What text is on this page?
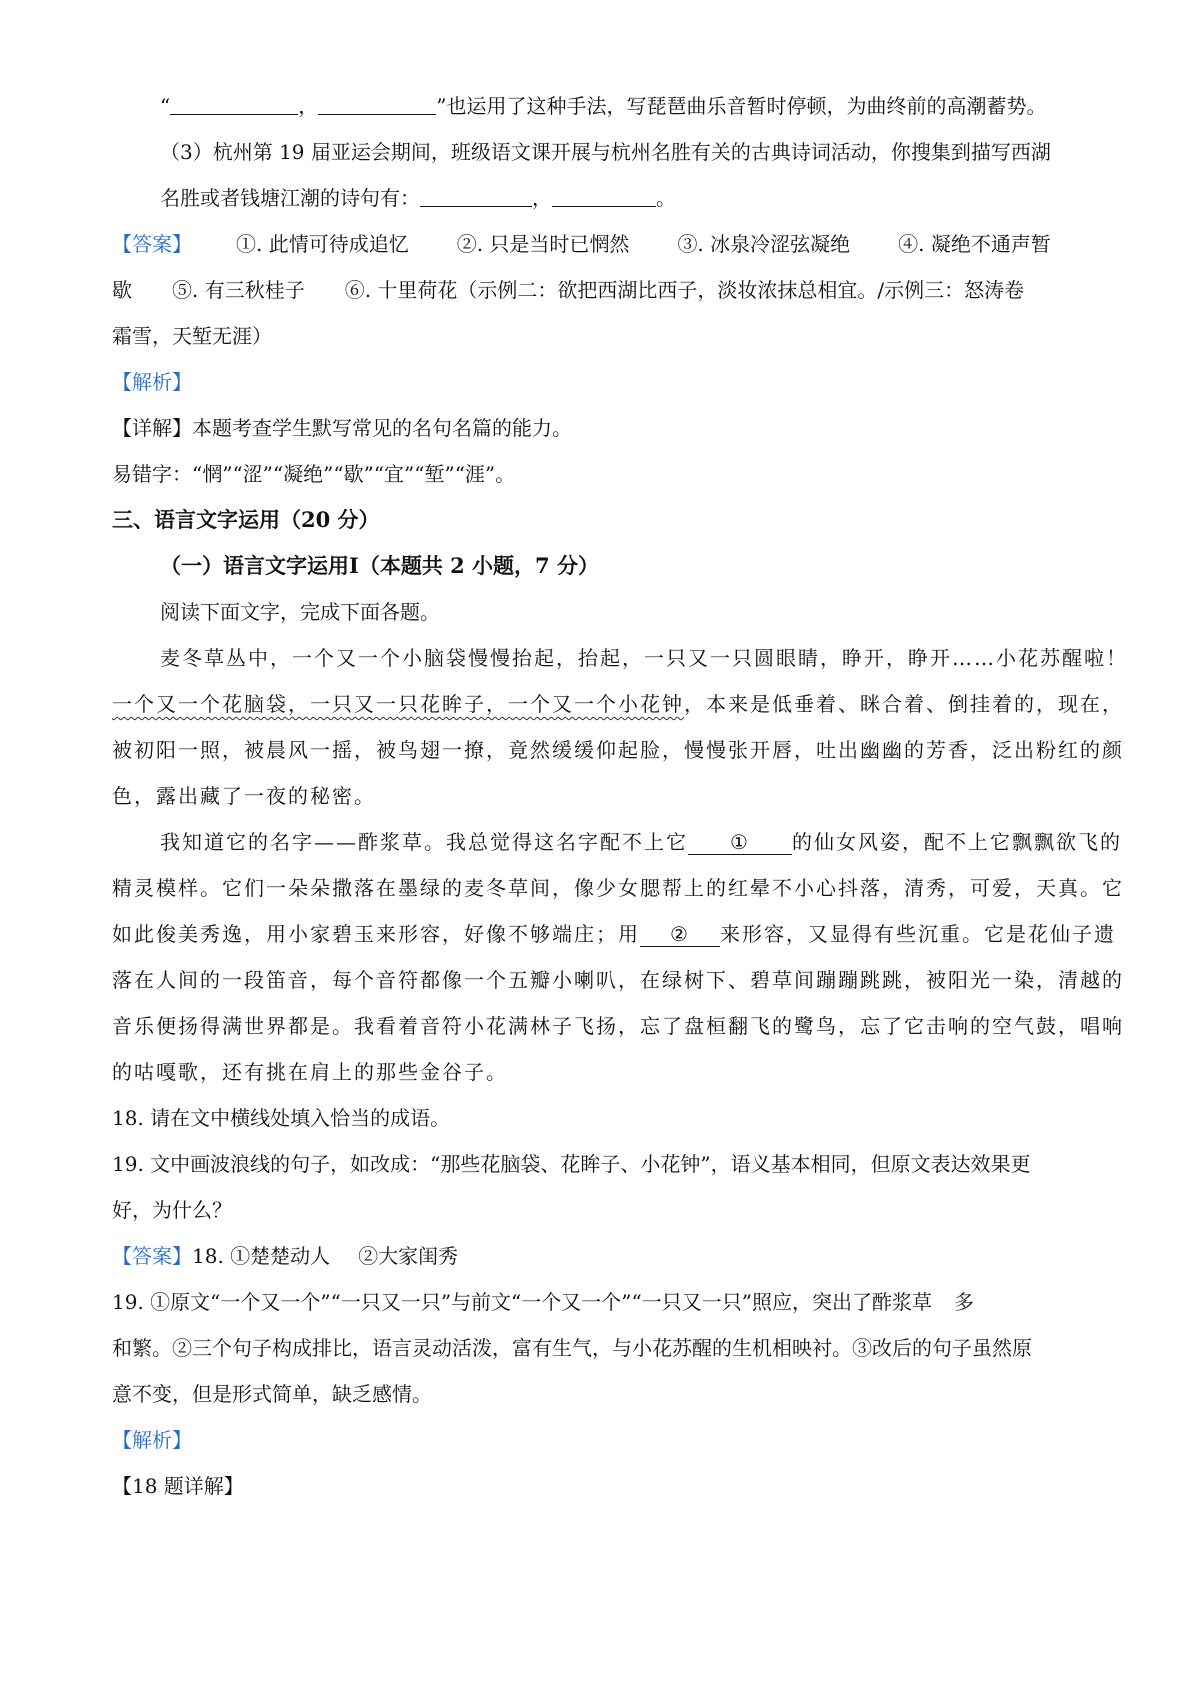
“	，	”也运用了这种手法，写琵琶曲乐音暂时停顿，为曲终前的高潮蓄势。
（3）杭州第 19 届亚运会期间，班级语文课开展与杭州名胜有关的古典诗词活动，你搜集到描写西湖
名胜或者钱塘江潮的诗句有：	，	。
【答案】 ①. 此情可待成追忆 ②. 只是当时已惘然 ③. 冰泉冷涩弦凝绝 ④. 凝绝不通声暂
歇 ⑤. 有三秋桂子 ⑥. 十里荷花（示例二：欲把西湖比西子，淡妆浓抹总相宜。/示例三：怒涛卷
霜雪，天堑无涯）
【解析】
【详解】本题考查学生默写常见的名句名篇的能力。
易错字：“惘”“涩”“凝绝”“歇”“宜”“堑”“涯”。
三、语言文字运用（20 分）
（一）语言文字运用Ⅰ（本题共 2 小题，7 分）
阅读下面文字，完成下面各题。
麦冬草丛中，一个又一个小脑袋慢慢抬起，抬起，一只又一只圆眼睛，睁开，睁开……小花苏醒啦！
一个又一个花脑袋，一只又一只花眸子，一个又一个小花钟，本来是低垂着、眯合着、倒挂着的，现在，
被初阳一照，被晨风一摇，被鸟翅一撩，竟然缓缓仰起脸，慢慢张开唇，吐出幽幽的芳香，泛出粉红的颜
色，露出藏了一夜的秘密。
我知道它的名字——酢浆草。我总觉得这名字配不上它 ① 的仙女风姿，配不上它飘飘欲飞的
精灵模样。它们一朵朵撒落在墨绿的麦冬草间，像少女腮帮上的红晕不小心抖落，清秀，可爱，天真。它
如此俊美秀逸，用小家碧玉来形容，好像不够端庄；用 ② 来形容，又显得有些沉重。它是花仙子遗
落在人间的一段笛音，每个音符都像一个五瓣小喇叭，在绿树下、碧草间蹦蹦跳跳，被阳光一染，清越的
音乐便扬得满世界都是。我看着音符小花满林子飞扬，忘了盘桓翻飞的鹭鸟，忘了它击响的空气鼓，唱响
的咕嘎歌，还有挑在肩上的那些金谷子。
18. 请在文中横线处填入恰当的成语。
19. 文中画波浪线的句子，如改成：“那些花脑袋、花眸子、小花钟”，语义基本相同，但原文表达效果更
好，为什么？
【答案】18. ①楚楚动人 ②大家闺秀
19. ①原文“一个又一个”“一只又一只”与前文“一个又一个”“一只又一只”照应，突出了酢浆草 多
和繁。②三个句子构成排比，语言灵动活泼，富有生气，与小花苏醒的生机相映衬。③改后的句子虽然原
意不变，但是形式简单，缺乏感情。
【解析】
【18 题详解】
